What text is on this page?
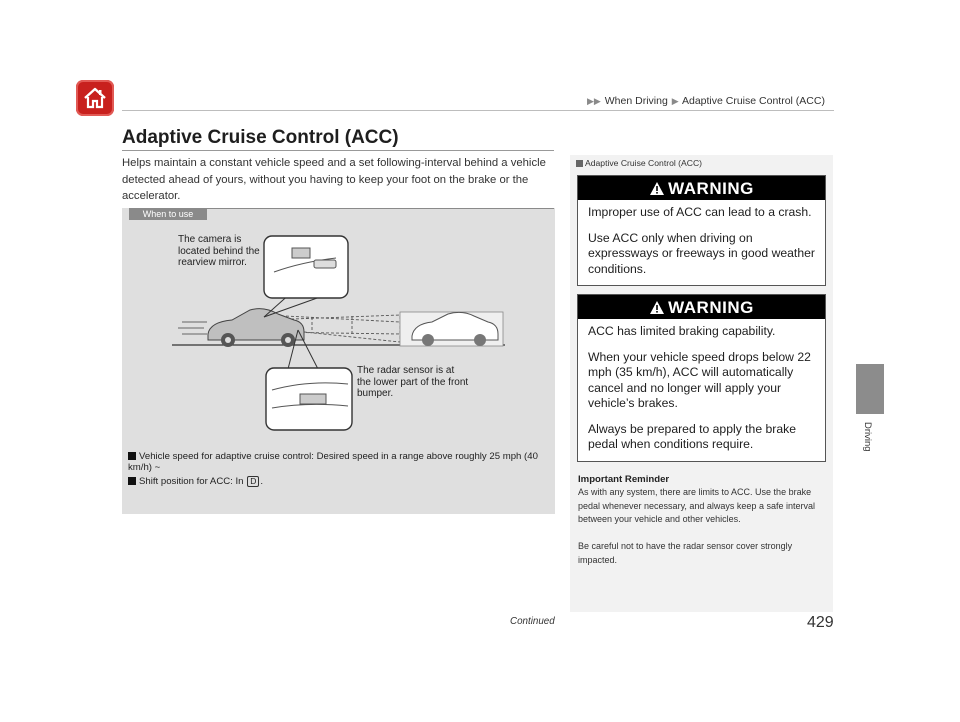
▶▶ When Driving ▶ Adaptive Cruise Control (ACC)
Adaptive Cruise Control (ACC)

Helps maintain a constant vehicle speed and a set following-interval behind a vehicle detected ahead of yours, without you having to keep your foot on the brake or the accelerator.

When to use

The camera is located behind the rearview mirror.

The radar sensor is at the lower part of the front bumper.

Vehicle speed for adaptive cruise control: Desired speed in a range above roughly 25 mph (40 km/h) ~

Shift position for ACC: In D .

Adaptive Cruise Control (ACC)

WARNING

Improper use of ACC can lead to a crash.

Use ACC only when driving on expressways or freeways in good weather conditions.

WARNING

ACC has limited braking capability.

When your vehicle speed drops below 22 mph (35 km/h), ACC will automatically cancel and no longer will apply your vehicle’s brakes.

Always be prepared to apply the brake pedal when conditions require.

Important Reminder

As with any system, there are limits to ACC. Use the brake pedal whenever necessary, and always keep a safe interval between your vehicle and other vehicles.

Be careful not to have the radar sensor cover strongly impacted.

Driving

Continued	429
